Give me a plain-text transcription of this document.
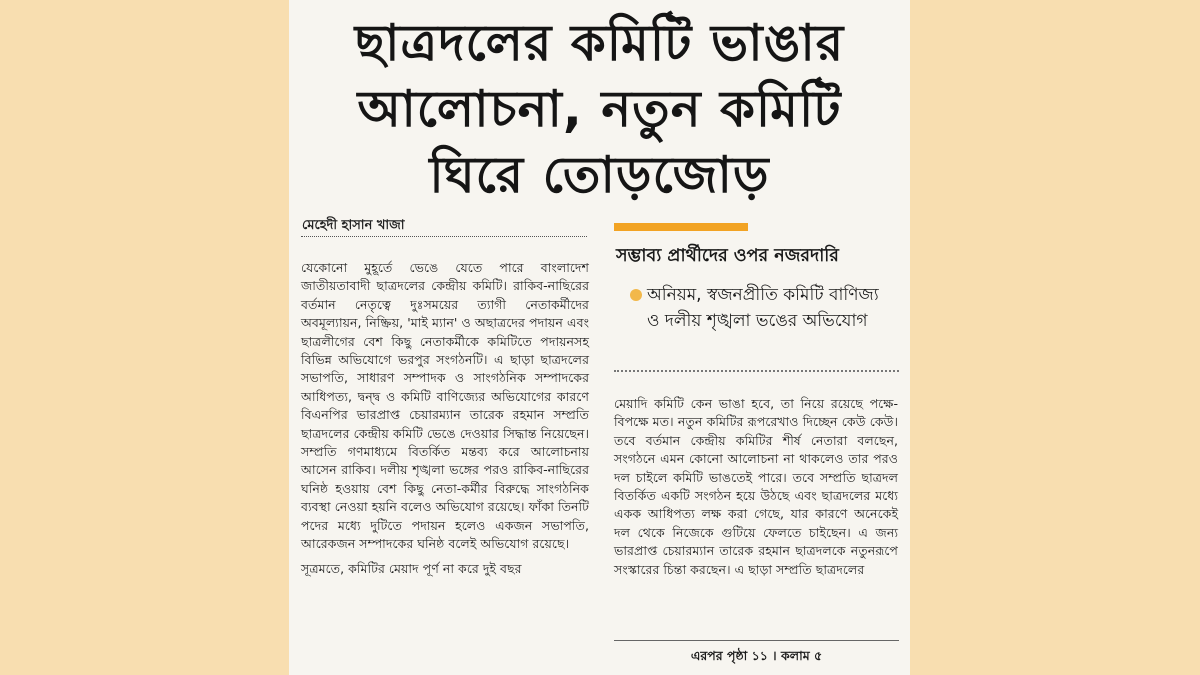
ছাত্রদলের কমিটি ভাঙার
আলোচনা, নতুন কমিটি
ঘিরে তোড়জোড়
মেহেদী হাসান খাজা

যেকোনো মুহূর্তে ভেঙে যেতে পারে বাংলাদেশ জাতীয়তাবাদী ছাত্রদলের কেন্দ্রীয় কমিটি। রাকিব-নাছিরের বর্তমান নেতৃত্বে দুঃসময়ের ত্যাগী নেতাকর্মীদের অবমূল্যায়ন, নিষ্ক্রিয়, 'মাই ম্যান' ও অছাত্রদের পদায়ন এবং ছাত্রলীগের বেশ কিছু নেতাকর্মীকে কমিটিতে পদায়নসহ বিভিন্ন অভিযোগে ভরপুর সংগঠনটি। এ ছাড়া ছাত্রদলের সভাপতি, সাধারণ সম্পাদক ও সাংগঠনিক সম্পাদকের আধিপত্য, দ্বন্দ্ব ও কমিটি বাণিজ্যের অভিযোগের কারণে বিএনপির ভারপ্রাপ্ত চেয়ারম্যান তারেক রহমান সম্প্রতি ছাত্রদলের কেন্দ্রীয় কমিটি ভেঙে দেওয়ার সিদ্ধান্ত নিয়েছেন। সম্প্রতি গণমাধ্যমে বিতর্কিত মন্তব্য করে আলোচনায় আসেন রাকিব। দলীয় শৃঙ্খলা ভঙ্গের পরও রাকিব-নাছিরের ঘনিষ্ঠ হওয়ায় বেশ কিছু নেতা-কর্মীর বিরুদ্ধে সাংগঠনিক ব্যবস্থা নেওয়া হয়নি বলেও অভিযোগ রয়েছে। ফাঁকা তিনটি পদের মধ্যে দুটিতে পদায়ন হলেও একজন সভাপতি, আরেকজন সম্পাদকের ঘনিষ্ঠ বলেই অভিযোগ রয়েছে।

সূত্রমতে, কমিটির মেয়াদ পূর্ণ না করে দুই বছর

সম্ভাব্য প্রার্থীদের ওপর নজরদারি
অনিয়ম, স্বজনপ্রীতি কমিটি বাণিজ্য ও দলীয় শৃঙ্খলা ভঙের অভিযোগ

মেয়াদি কমিটি কেন ভাঙা হবে, তা নিয়ে রয়েছে পক্ষে-বিপক্ষে মত। নতুন কমিটির রূপরেখাও দিচ্ছেন কেউ কেউ। তবে বর্তমান কেন্দ্রীয় কমিটির শীর্ষ নেতারা বলছেন, সংগঠনে এমন কোনো আলোচনা না থাকলেও তার পরও দল চাইলে কমিটি ভাঙতেই পারে। তবে সম্প্রতি ছাত্রদল বিতর্কিত একটি সংগঠন হয়ে উঠছে এবং ছাত্রদলের মধ্যে একক আধিপত্য লক্ষ করা গেছে, যার কারণে অনেকেই দল থেকে নিজেকে গুটিয়ে ফেলতে চাইছেন। এ জন্য ভারপ্রাপ্ত চেয়ারম্যান তারেক রহমান ছাত্রদলকে নতুনরূপে সংস্কারের চিন্তা করছেন। এ ছাড়া সম্প্রতি ছাত্রদলের

এরপর পৃষ্ঠা ১১ । কলাম ৫
